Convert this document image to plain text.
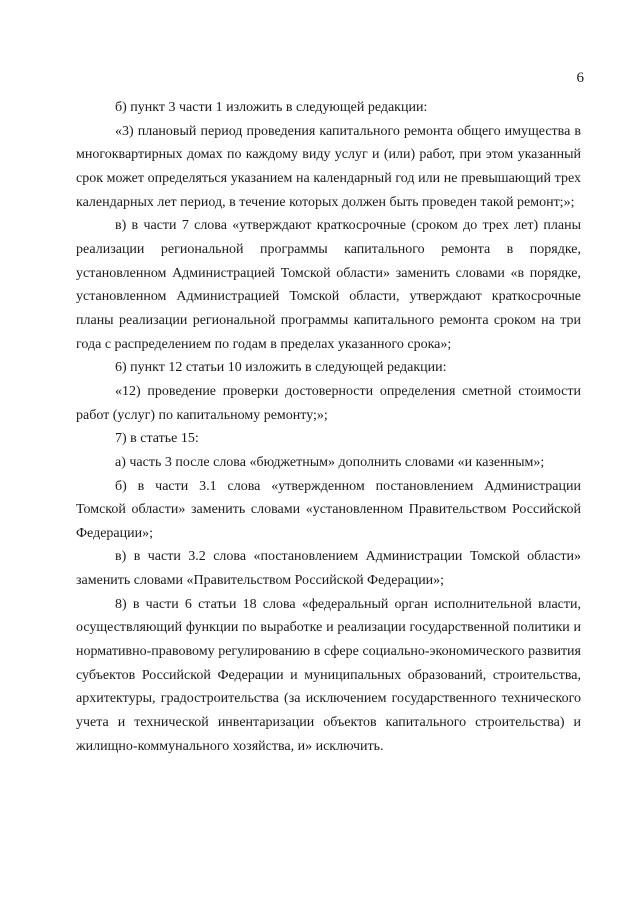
6

б) пункт 3 части 1 изложить в следующей редакции:

«3) плановый период проведения капитального ремонта общего имущества в многоквартирных домах по каждому виду услуг и (или) работ, при этом указанный срок может определяться указанием на календарный год или не превышающий трех календарных лет период, в течение которых должен быть проведен такой ремонт;»;

в) в части 7 слова «утверждают краткосрочные (сроком до трех лет) планы реализации региональной программы капитального ремонта в порядке, установленном Администрацией Томской области» заменить словами «в порядке, установленном Администрацией Томской области, утверждают краткосрочные планы реализации региональной программы капитального ремонта сроком на три года с распределением по годам в пределах указанного срока»;

6) пункт 12 статьи 10 изложить в следующей редакции:

«12) проведение проверки достоверности определения сметной стоимости работ (услуг) по капитальному ремонту;»;

7) в статье 15:

а) часть 3 после слова «бюджетным» дополнить словами «и казенным»;

б) в части 3.1 слова «утвержденном постановлением Администрации Томской области» заменить словами «установленном Правительством Российской Федерации»;

в) в части 3.2 слова «постановлением Администрации Томской области» заменить словами «Правительством Российской Федерации»;

8) в части 6 статьи 18 слова «федеральный орган исполнительной власти, осуществляющий функции по выработке и реализации государственной политики и нормативно-правовому регулированию в сфере социально-экономического развития субъектов Российской Федерации и муниципальных образований, строительства, архитектуры, градостроительства (за исключением государственного технического учета и технической инвентаризации объектов капитального строительства) и жилищно-коммунального хозяйства, и» исключить.
